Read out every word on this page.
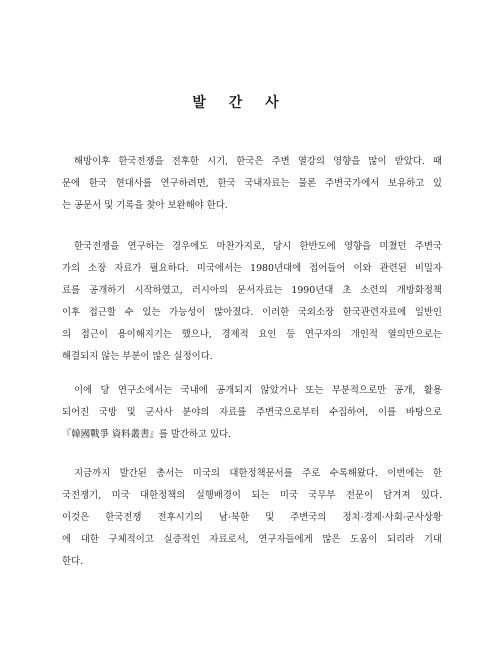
발 간 사
해방이후 한국전쟁을 전후한 시기, 한국은 주변 열강의 영향을 많이 받았다. 때
문에 한국 현대사를 연구하려면, 한국 국내자료는 물론 주변국가에서 보유하고 있
는 공문서 및 기록을 찾아 보완해야 한다.
한국전쟁을 연구하는 경우에도 마찬가지로, 당시 한반도에 영향을 미쳤던 주변국
가의 소장 자료가 필요하다. 미국에서는 1980년대에 접어들어 이와 관련된 비밀자
료를 공개하기 시작하였고, 러시아의 문서자료는 1990년대 초 소련의 개방화정책
이후 접근할 수 있는 가능성이 많아졌다. 이러한 국외소장 한국관련자료에 일반인
의 접근이 용이해지기는 했으나, 경제적 요인 등 연구자의 개인적 열의만으로는
해결되지 않는 부분이 많은 실정이다.
이에 당 연구소에서는 국내에 공개되지 않았거나 또는 부분적으로만 공개, 활용
되어진 국방 및 군사사 분야의 자료를 주변국으로부터 수집하여, 이를 바탕으로
『韓國戰爭 資料叢書』를 발간하고 있다.
지금까지 발간된 총서는 미국의 대한정책문서를 주로 수록해왔다. 이번에는 한
국전쟁기, 미국 대한정책의 실행배경이 되는 미국 국무부 전문이 담겨져 있다.
이것은 한국전쟁 전후시기의 남·북한 및 주변국의 정치·경제·사회·군사상황
에 대한 구체적이고 실증적인 자료로서, 연구자들에게 많은 도움이 되리라 기대
한다.
